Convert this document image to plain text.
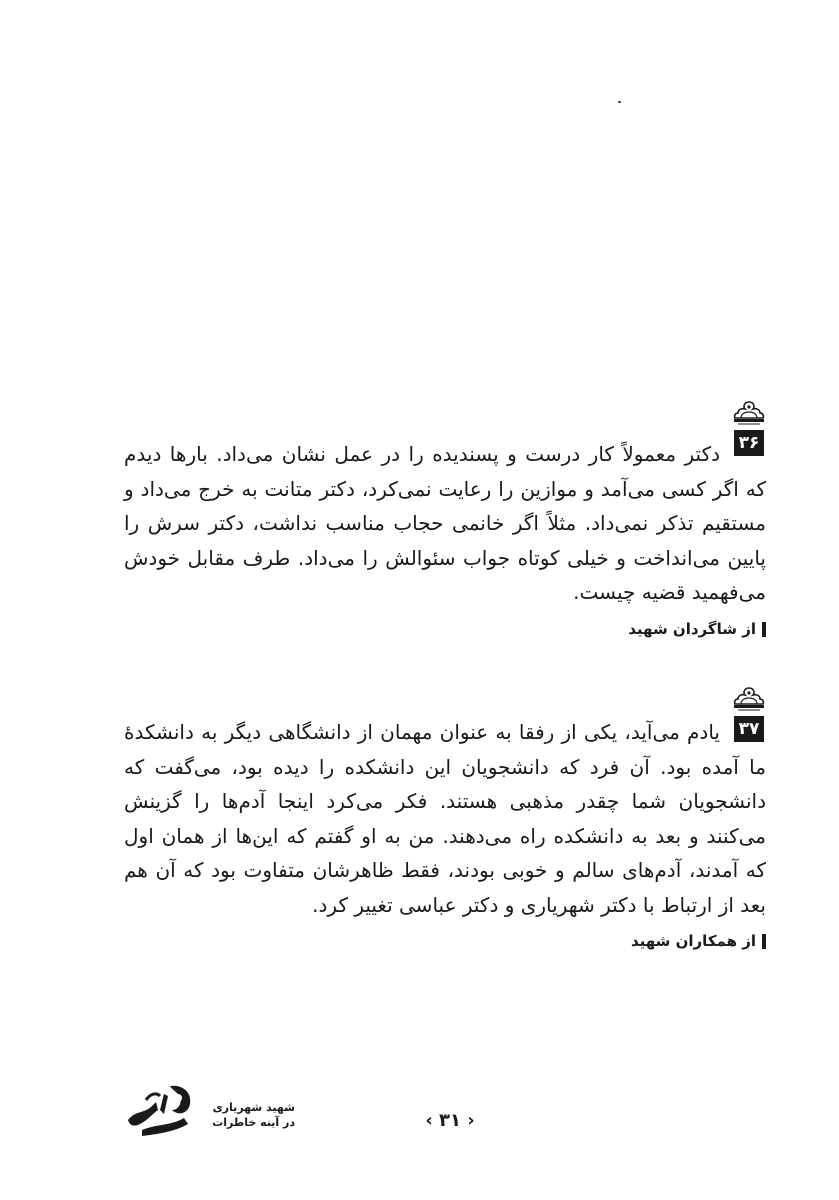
۳۶

دکتر معمولاً کار درست و پسندیده را در عمل نشان می‌داد. بارها دیدم که اگر کسی می‌آمد و موازین را رعایت نمی‌کرد، دکتر متانت به خرج می‌داد و مستقیم تذکر نمی‌داد. مثلاً اگر خانمی حجاب مناسب نداشت، دکتر سرش را پایین می‌انداخت و خیلی کوتاه جواب سئوالش را می‌داد. طرف مقابل خودش می‌فهمید قضیه چیست.

از شاگردان شهید
۳۷

یادم می‌آید، یکی از رفقا به عنوان مهمان از دانشگاهی دیگر به دانشکدهٔ ما آمده بود. آن فرد که دانشجویان این دانشکده را دیده بود، می‌گفت که دانشجویان شما چقدر مذهبی هستند. فکر می‌کرد اینجا آدم‌ها را گزینش می‌کنند و بعد به دانشکده راه می‌دهند. من به او گفتم که این‌ها از همان اول که آمدند، آدم‌های سالم و خوبی بودند، فقط ظاهرشان متفاوت بود که آن هم بعد از ارتباط با دکتر شهریاری و دکتر عباسی تغییر کرد.

از همکاران شهید
شهید شهریاری
در آینه خاطرات	‹ ۳۱ ›
